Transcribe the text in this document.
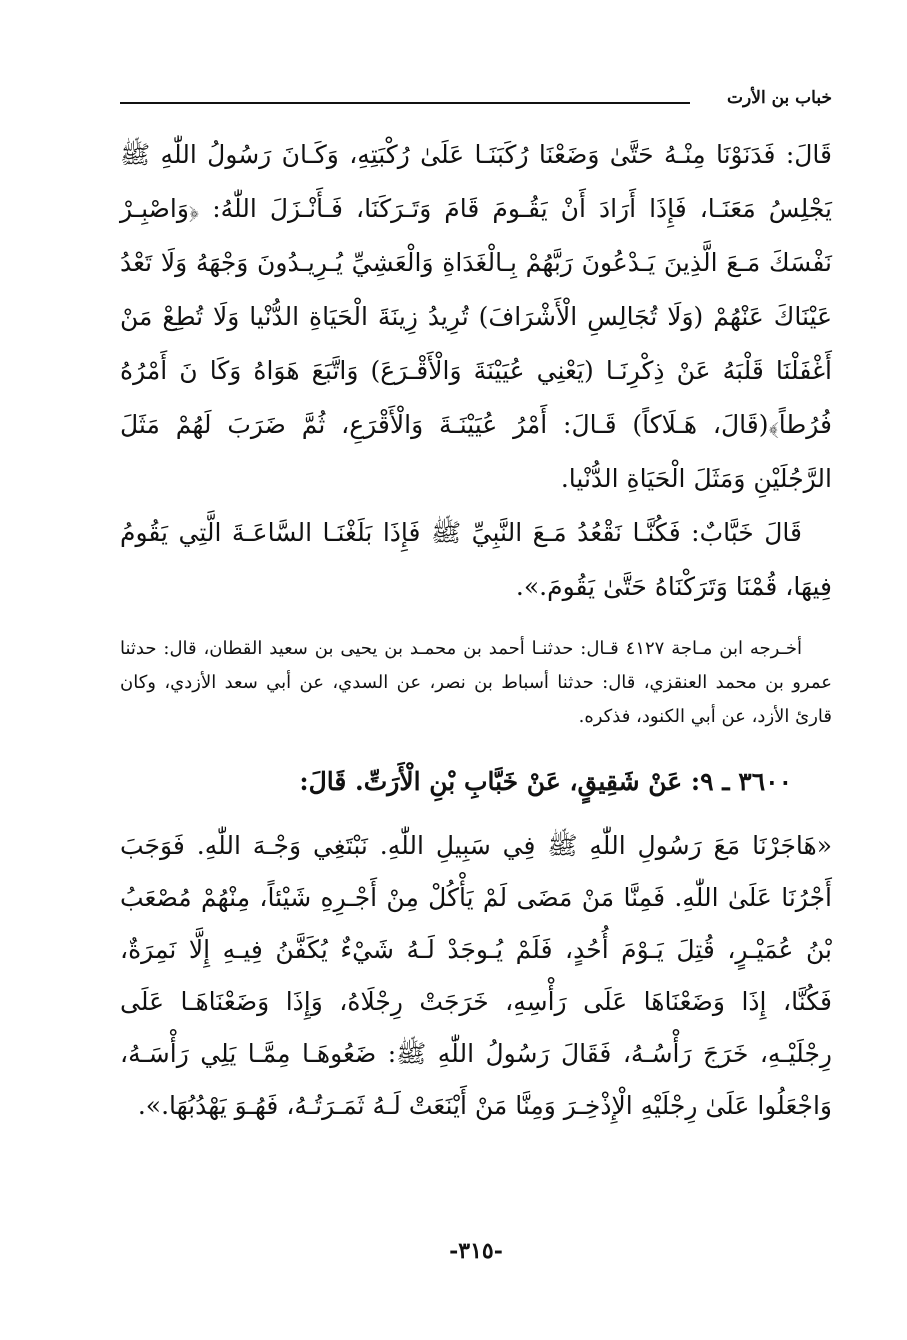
خباب بن الأرت

قَالَ: فَدَنَوْنَا مِنْـهُ حَتَّىٰ وَضَعْنَا رُكَبَنَـا عَلَىٰ رُكْبَتِهِ، وَكَـانَ رَسُولُ اللّٰهِ ﷺ يَجْلِسُ مَعَنَـا، فَإِذَا أَرَادَ أَنْ يَقُـومَ قَامَ وَتَـرَكَنَا، فَـأَنْـزَلَ اللّٰهُ: ﴿وَاصْبِـرْ نَفْسَكَ مَـعَ الَّذِينَ يَـدْعُونَ رَبَّهُمْ بِـالْغَدَاةِ وَالْعَشِيِّ يُـرِيـدُونَ وَجْهَهُ وَلَا تَعْدُ عَيْنَاكَ عَنْهُمْ (وَلَا تُجَالِسِ الْأَشْرَافَ) تُرِيدُ زِينَةَ الْحَيَاةِ الدُّنْيا وَلَا تُطِعْ مَنْ أَغْفَلْنَا قَلْبَهُ عَنْ ذِكْرِنَـا (يَعْنِي عُيَيْنَةَ وَالْأَقْـرَعَ) وَاتَّبَعَ هَوَاهُ وَكَا نَ أَمْرُهُ فُرُطاً﴾(قَالَ، هَـلَاكاً) قَـالَ: أَمْرُ عُيَيْنَـةَ وَالْأَقْرَعِ، ثُمَّ ضَرَبَ لَهُمْ مَثَلَ الرَّجُلَيْنِ وَمَثَلَ الْحَيَاةِ الدُّنْيا.

قَالَ خَبَّابٌ: فَكُنَّـا نَقْعُدُ مَـعَ النَّبِيِّ ﷺ فَإِذَا بَلَغْنَـا السَّاعَـةَ الَّتِي يَقُومُ فِيهَا، قُمْنَا وَتَرَكْنَاهُ حَتَّىٰ يَقُومَ.».

أخـرجه ابن مـاجة ٤١٢٧ قـال: حدثنـا أحمد بن محمـد بن يحيى بن سعيد القطان، قال: حدثنا عمرو بن محمد العنقزي، قال: حدثنا أسباط بن نصر، عن السدي، عن أبي سعد الأزدي، وكان قارئ الأزد، عن أبي الكنود، فذكره.

٣٦٠٠ ـ ٩: عَنْ شَقِيقٍ، عَنْ خَبَّابِ بْنِ الْأَرَتِّ. قَالَ:

«هَاجَرْنَا مَعَ رَسُولِ اللّٰهِ ﷺ فِي سَبِيلِ اللّٰهِ. نَبْتَغِي وَجْـهَ اللّٰهِ. فَوَجَبَ أَجْرُنَا عَلَىٰ اللّٰهِ. فَمِنَّا مَنْ مَضَى لَمْ يَأْكُلْ مِنْ أَجْـرِهِ شَيْئاً، مِنْهُمْ مُصْعَبُ بْنُ عُمَيْـرٍ، قُتِلَ يَـوْمَ أُحُدٍ، فَلَمْ يُـوجَدْ لَـهُ شَيْءٌ يُكَفَّنُ فِيـهِ إِلَّا نَمِرَةٌ، فَكُنَّا، إِذَا وَضَعْنَاهَا عَلَى رَأْسِهِ، خَرَجَتْ رِجْلَاهُ، وَإِذَا وَضَعْنَاهَـا عَلَى رِجْلَيْـهِ، خَرَجَ رَأْسُـهُ، فَقَالَ رَسُولُ اللّٰهِ ﷺ: ضَعُوهَـا مِمَّـا يَلِي رَأْسَـهُ، وَاجْعَلُوا عَلَىٰ رِجْلَيْهِ الْإِذْخِـرَ وَمِنَّا مَنْ أَيْنَعَتْ لَـهُ ثَمَـرَتُـهُ، فَهُـوَ يَهْدُبُهَا.».

-٣١٥-
